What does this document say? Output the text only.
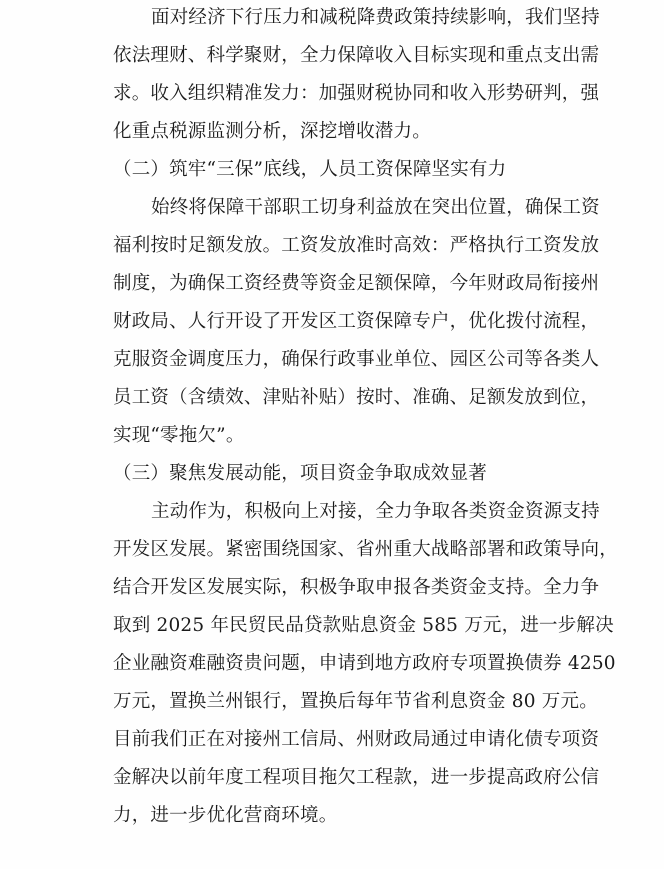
面对经济下行压力和减税降费政策持续影响，我们坚持
依法理财、科学聚财，全力保障收入目标实现和重点支出需
求。收入组织精准发力：加强财税协同和收入形势研判，强
化重点税源监测分析，深挖增收潜力。
（二）筑牢“三保”底线，人员工资保障坚实有力
始终将保障干部职工切身利益放在突出位置，确保工资
福利按时足额发放。工资发放准时高效：严格执行工资发放
制度，为确保工资经费等资金足额保障，今年财政局衔接州
财政局、人行开设了开发区工资保障专户，优化拨付流程，
克服资金调度压力，确保行政事业单位、园区公司等各类人
员工资（含绩效、津贴补贴）按时、准确、足额发放到位，
实现“零拖欠”。
（三）聚焦发展动能，项目资金争取成效显著
主动作为，积极向上对接，全力争取各类资金资源支持
开发区发展。紧密围绕国家、省州重大战略部署和政策导向，
结合开发区发展实际，积极争取申报各类资金支持。全力争
取到 2025 年民贸民品贷款贴息资金 585 万元，进一步解决
企业融资难融资贵问题，申请到地方政府专项置换债券 4250
万元，置换兰州银行，置换后每年节省利息资金 80 万元。
目前我们正在对接州工信局、州财政局通过申请化债专项资
金解决以前年度工程项目拖欠工程款，进一步提高政府公信
力，进一步优化营商环境。
